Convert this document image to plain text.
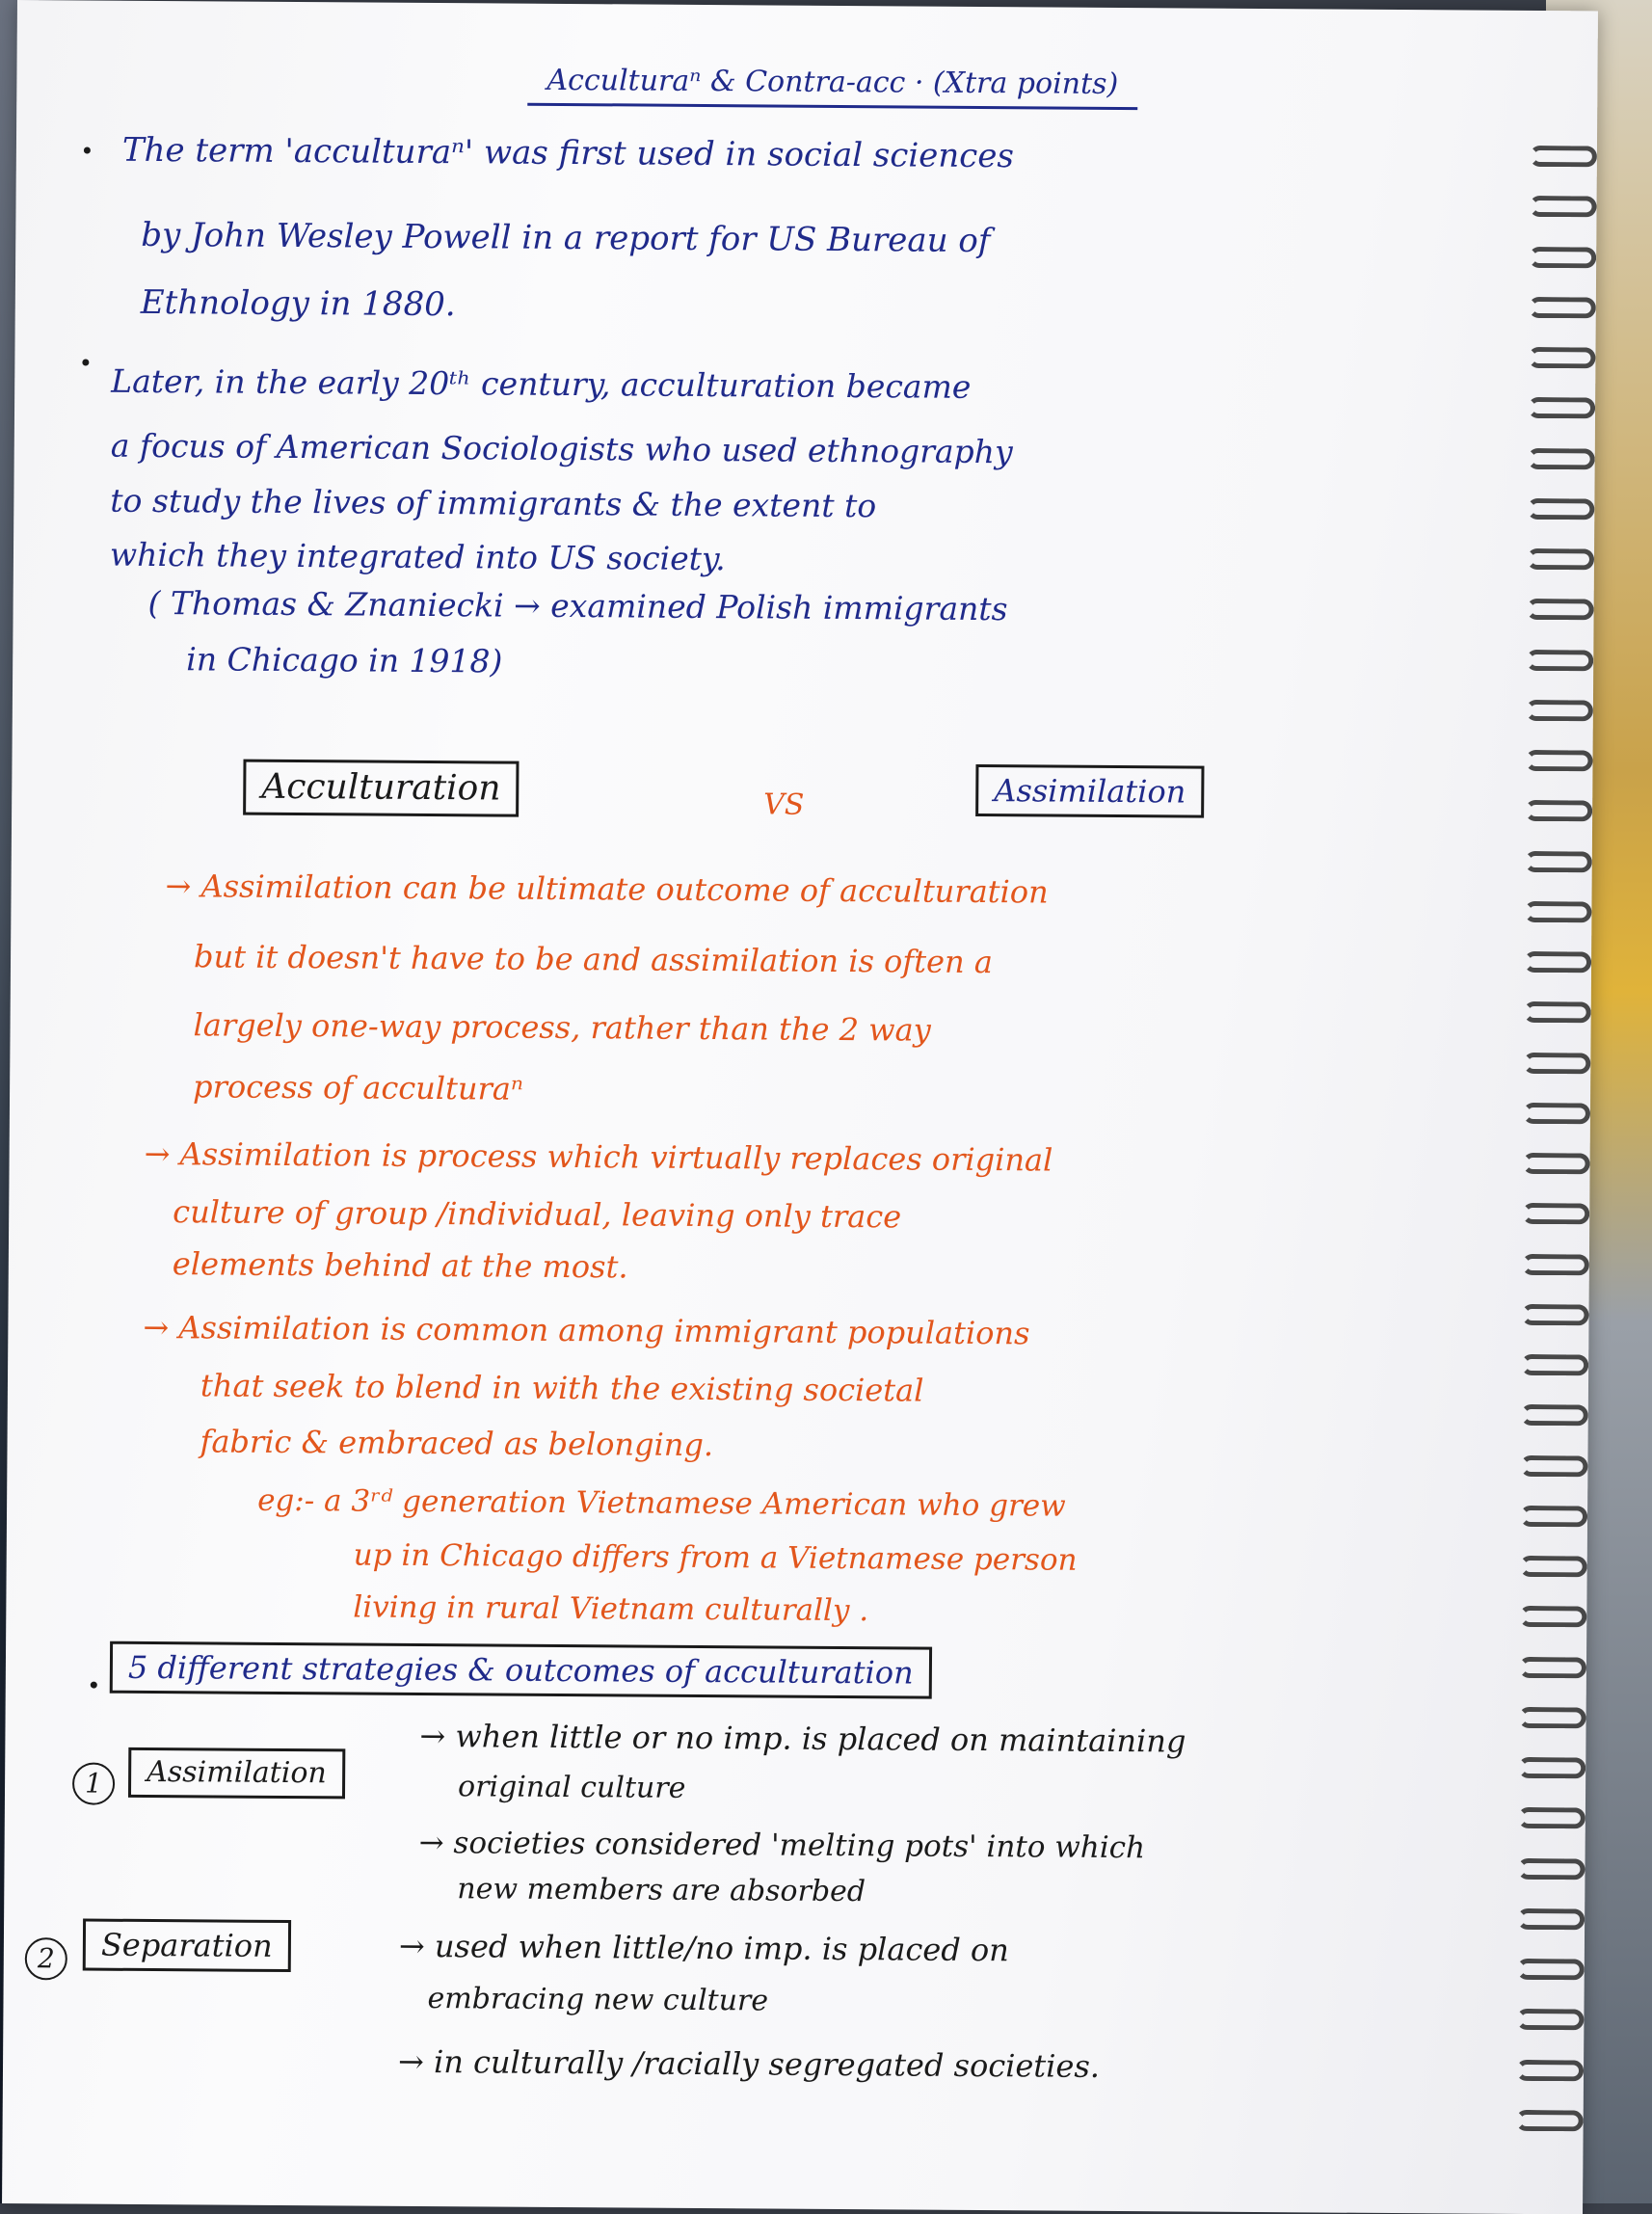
Acculturaⁿ & Contra-acc · (Xtra points)
The term 'acculturaⁿ' was first used in social sciences
by John Wesley Powell in a report for US Bureau of
Ethnology in 1880.
Later, in the early 20ᵗʰ century, acculturation became
a focus of American Sociologists who used ethnography
to study the lives of immigrants & the extent to
which they integrated into US society.
( Thomas & Znaniecki → examined Polish immigrants
in Chicago in 1918)
Acculturation	VS	Assimilation
→ Assimilation can be ultimate outcome of acculturation
but it doesn't have to be and assimilation is often a
largely one-way process, rather than the 2 way
process of acculturaⁿ
→ Assimilation is process which virtually replaces original
culture of group /individual, leaving only trace
elements behind at the most.
→ Assimilation is common among immigrant populations
that seek to blend in with the existing societal
fabric & embraced as belonging.
eg:- a 3ʳᵈ generation Vietnamese American who grew
up in Chicago differs from a Vietnamese person
living in rural Vietnam culturally .
5 different strategies & outcomes of acculturation
1	Assimilation
→ when little or no imp. is placed on maintaining
original culture
→ societies considered 'melting pots' into which
new members are absorbed
2	Separation	→ used when little/no imp. is placed on
embracing new culture
→ in culturally /racially segregated societies.
